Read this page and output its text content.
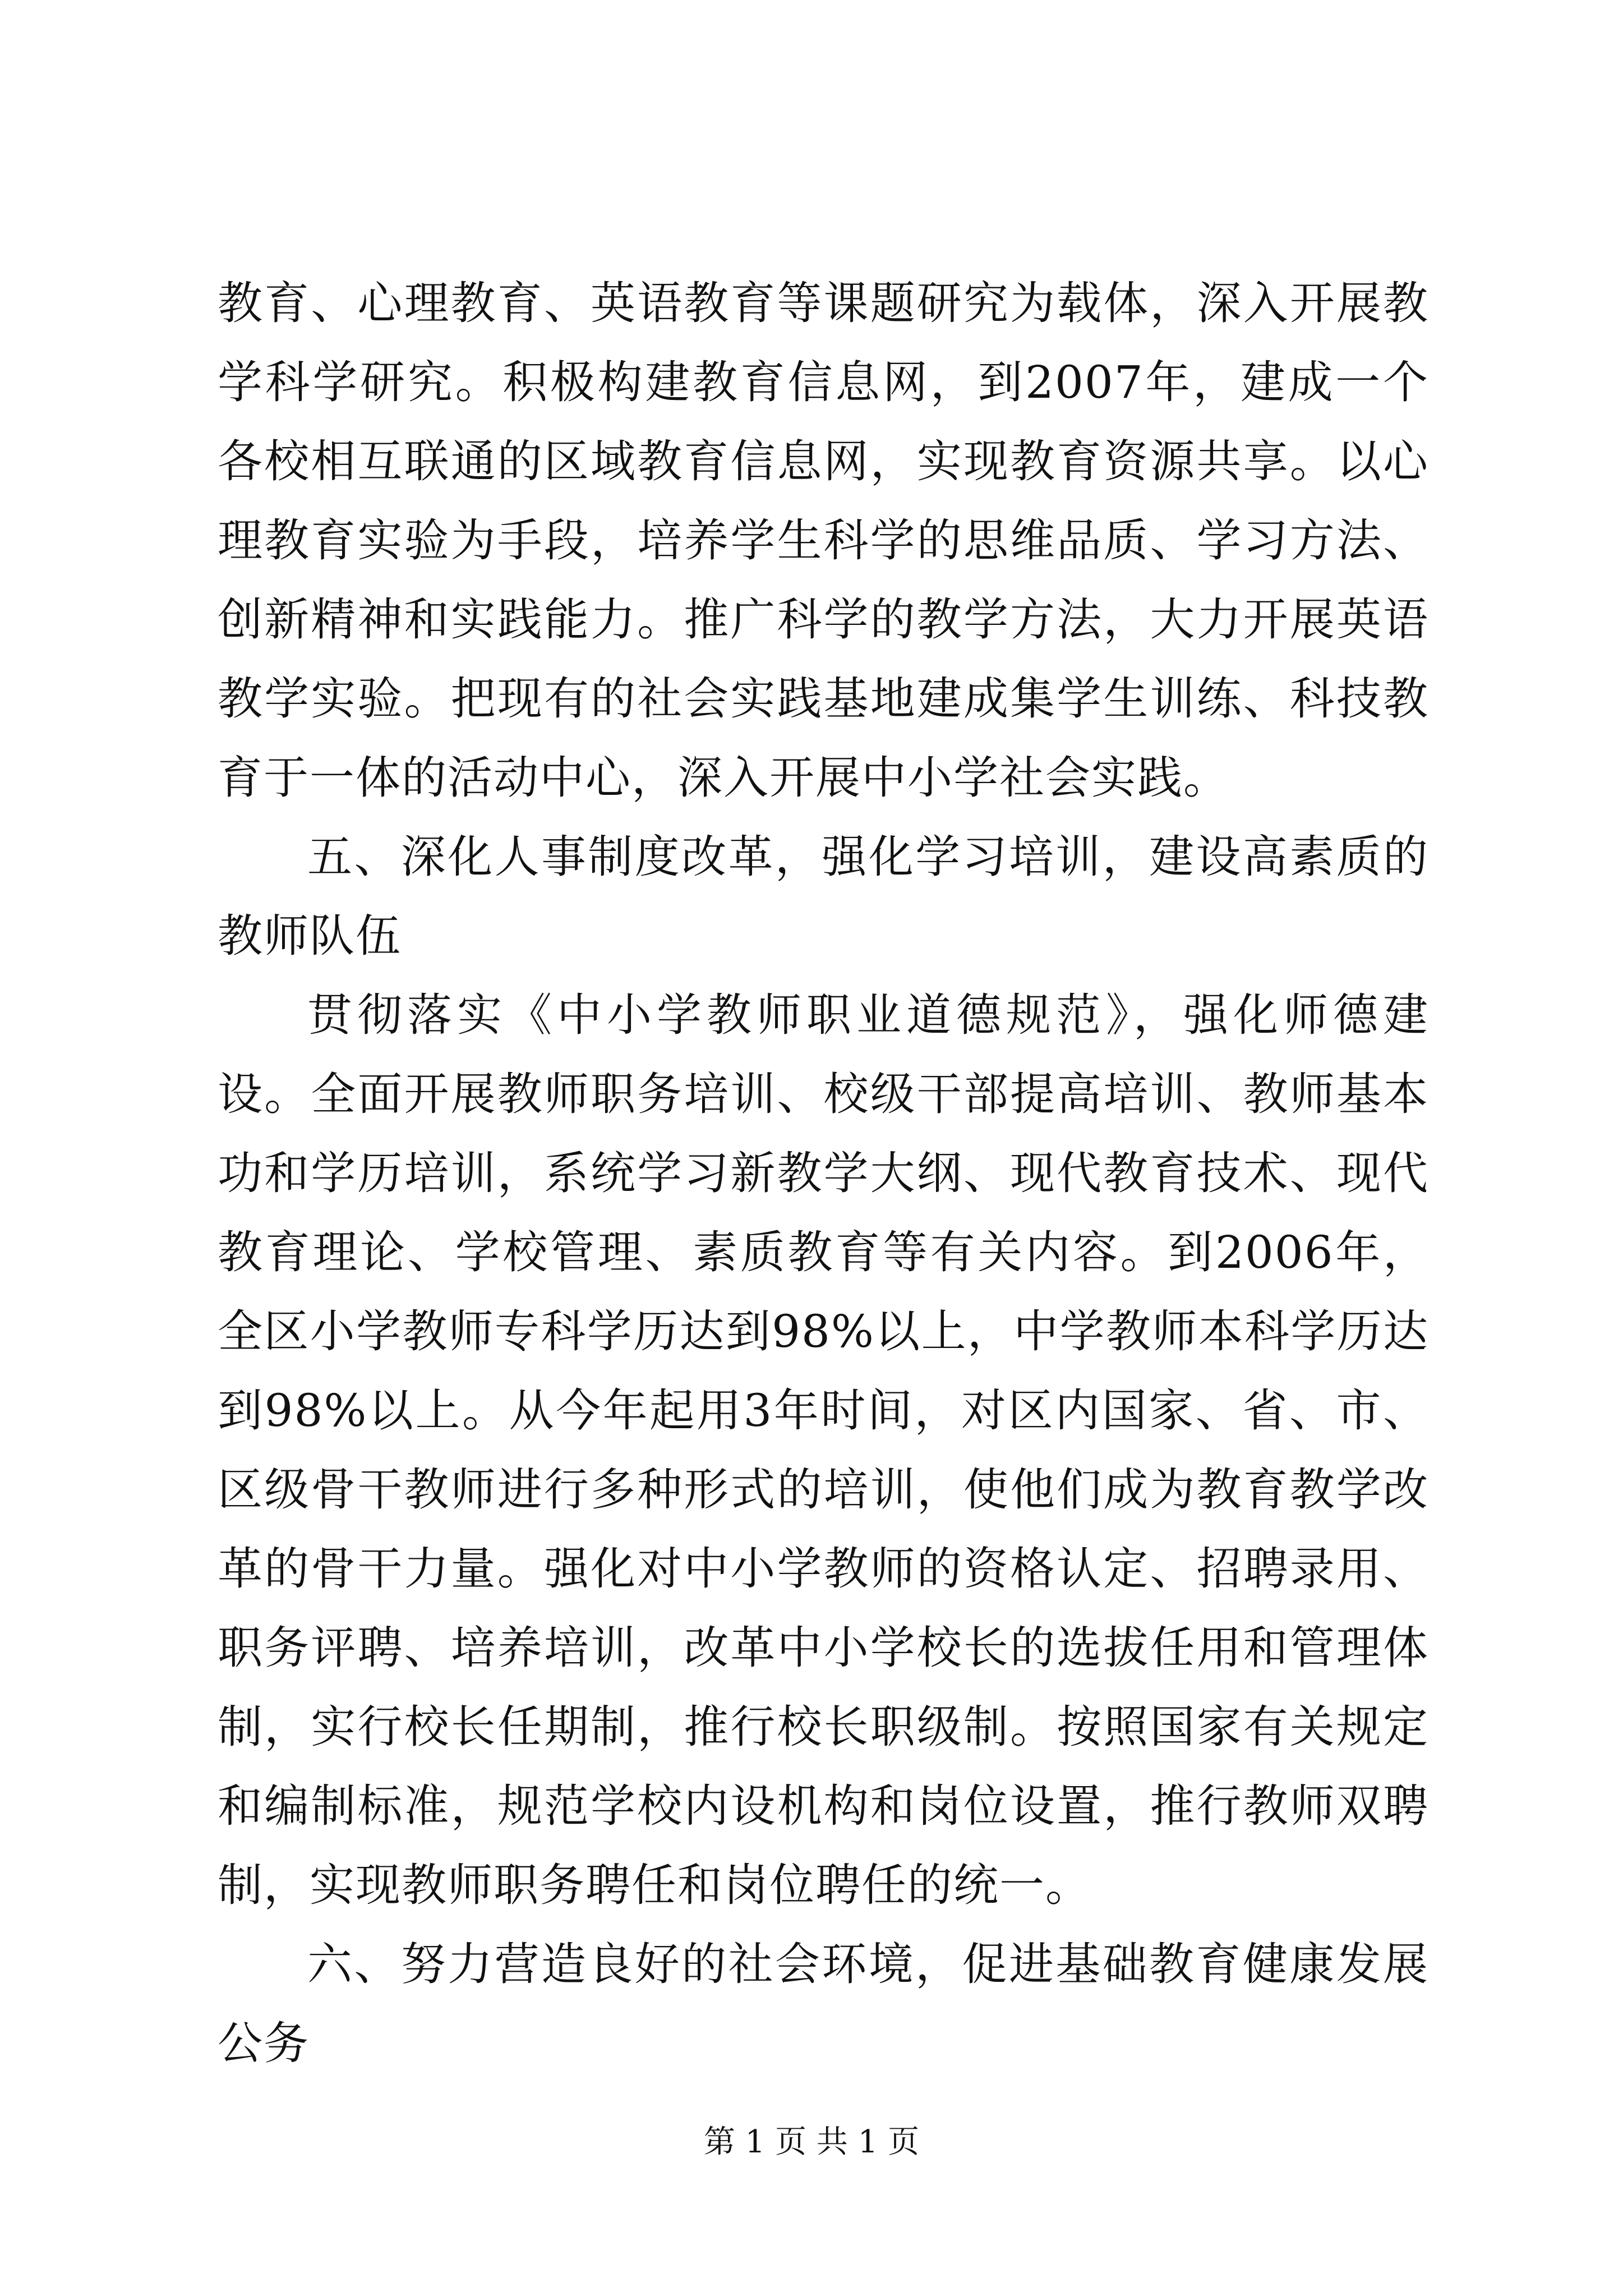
教育、心理教育、英语教育等课题研究为载体，深入开展教学科学研究。积极构建教育信息网，到2007年，建成一个各校相互联通的区域教育信息网，实现教育资源共享。以心理教育实验为手段，培养学生科学的思维品质、学习方法、创新精神和实践能力。推广科学的教学方法，大力开展英语教学实验。把现有的社会实践基地建成集学生训练、科技教育于一体的活动中心，深入开展中小学社会实践。

五、深化人事制度改革，强化学习培训，建设高素质的教师队伍

贯彻落实《中小学教师职业道德规范》，强化师德建设。全面开展教师职务培训、校级干部提高培训、教师基本功和学历培训，系统学习新教学大纲、现代教育技术、现代教育理论、学校管理、素质教育等有关内容。到2006年，全区小学教师专科学历达到98%以上，中学教师本科学历达到98%以上。从今年起用3年时间，对区内国家、省、市、区级骨干教师进行多种形式的培训，使他们成为教育教学改革的骨干力量。强化对中小学教师的资格认定、招聘录用、职务评聘、培养培训，改革中小学校长的选拔任用和管理体制，实行校长任期制，推行校长职级制。按照国家有关规定和编制标准，规范学校内设机构和岗位设置，推行教师双聘制，实现教师职务聘任和岗位聘任的统一。

六、努力营造良好的社会环境，促进基础教育健康发展公务

第 1 页 共 1 页
